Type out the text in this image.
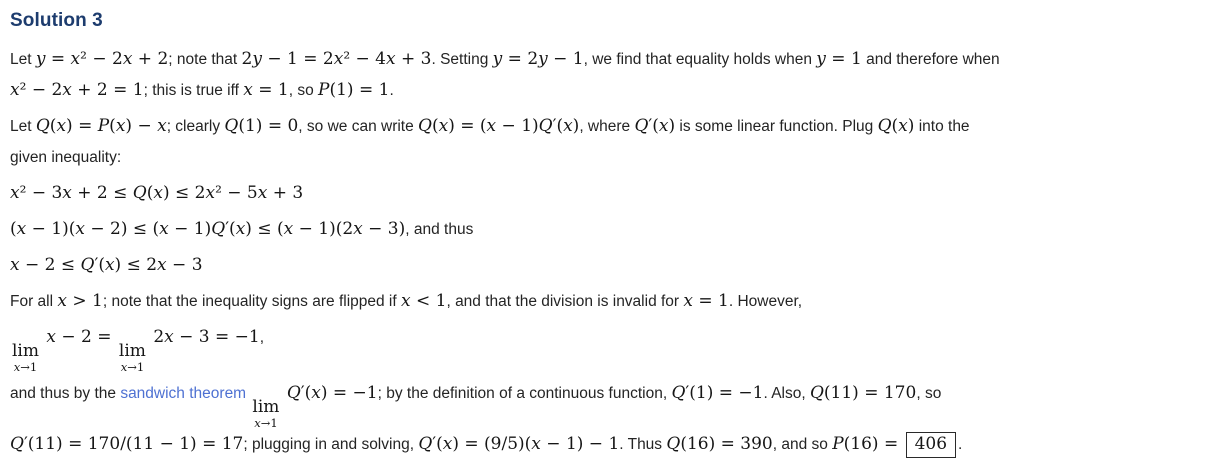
Solution 3
Let y = x² − 2x + 2; note that 2y − 1 = 2x² − 4x + 3. Setting y = 2y − 1, we find that equality holds when y = 1 and therefore when
x² − 2x + 2 = 1; this is true iff x = 1, so P(1) = 1.
Let Q(x) = P(x) − x; clearly Q(1) = 0, so we can write Q(x) = (x − 1)Q′(x), where Q′(x) is some linear function. Plug Q(x) into the
given inequality:
x² − 3x + 2 ≤ Q(x) ≤ 2x² − 5x + 3
(x − 1)(x − 2) ≤ (x − 1)Q′(x) ≤ (x − 1)(2x − 3), and thus
x − 2 ≤ Q′(x) ≤ 2x − 3
For all x > 1; note that the inequality signs are flipped if x < 1, and that the division is invalid for x = 1. However,
lim
x→1
x − 2 =
lim
x→1
2x − 3 = −1,
and thus by the sandwich theorem
lim
x→1
Q′(x) = −1; by the definition of a continuous function, Q′(1) = −1. Also, Q(11) = 170, so
Q′(11) = 170/(11 − 1) = 17; plugging in and solving, Q′(x) = (9/5)(x − 1) − 1. Thus Q(16) = 390, and so P(16) = 406 .
